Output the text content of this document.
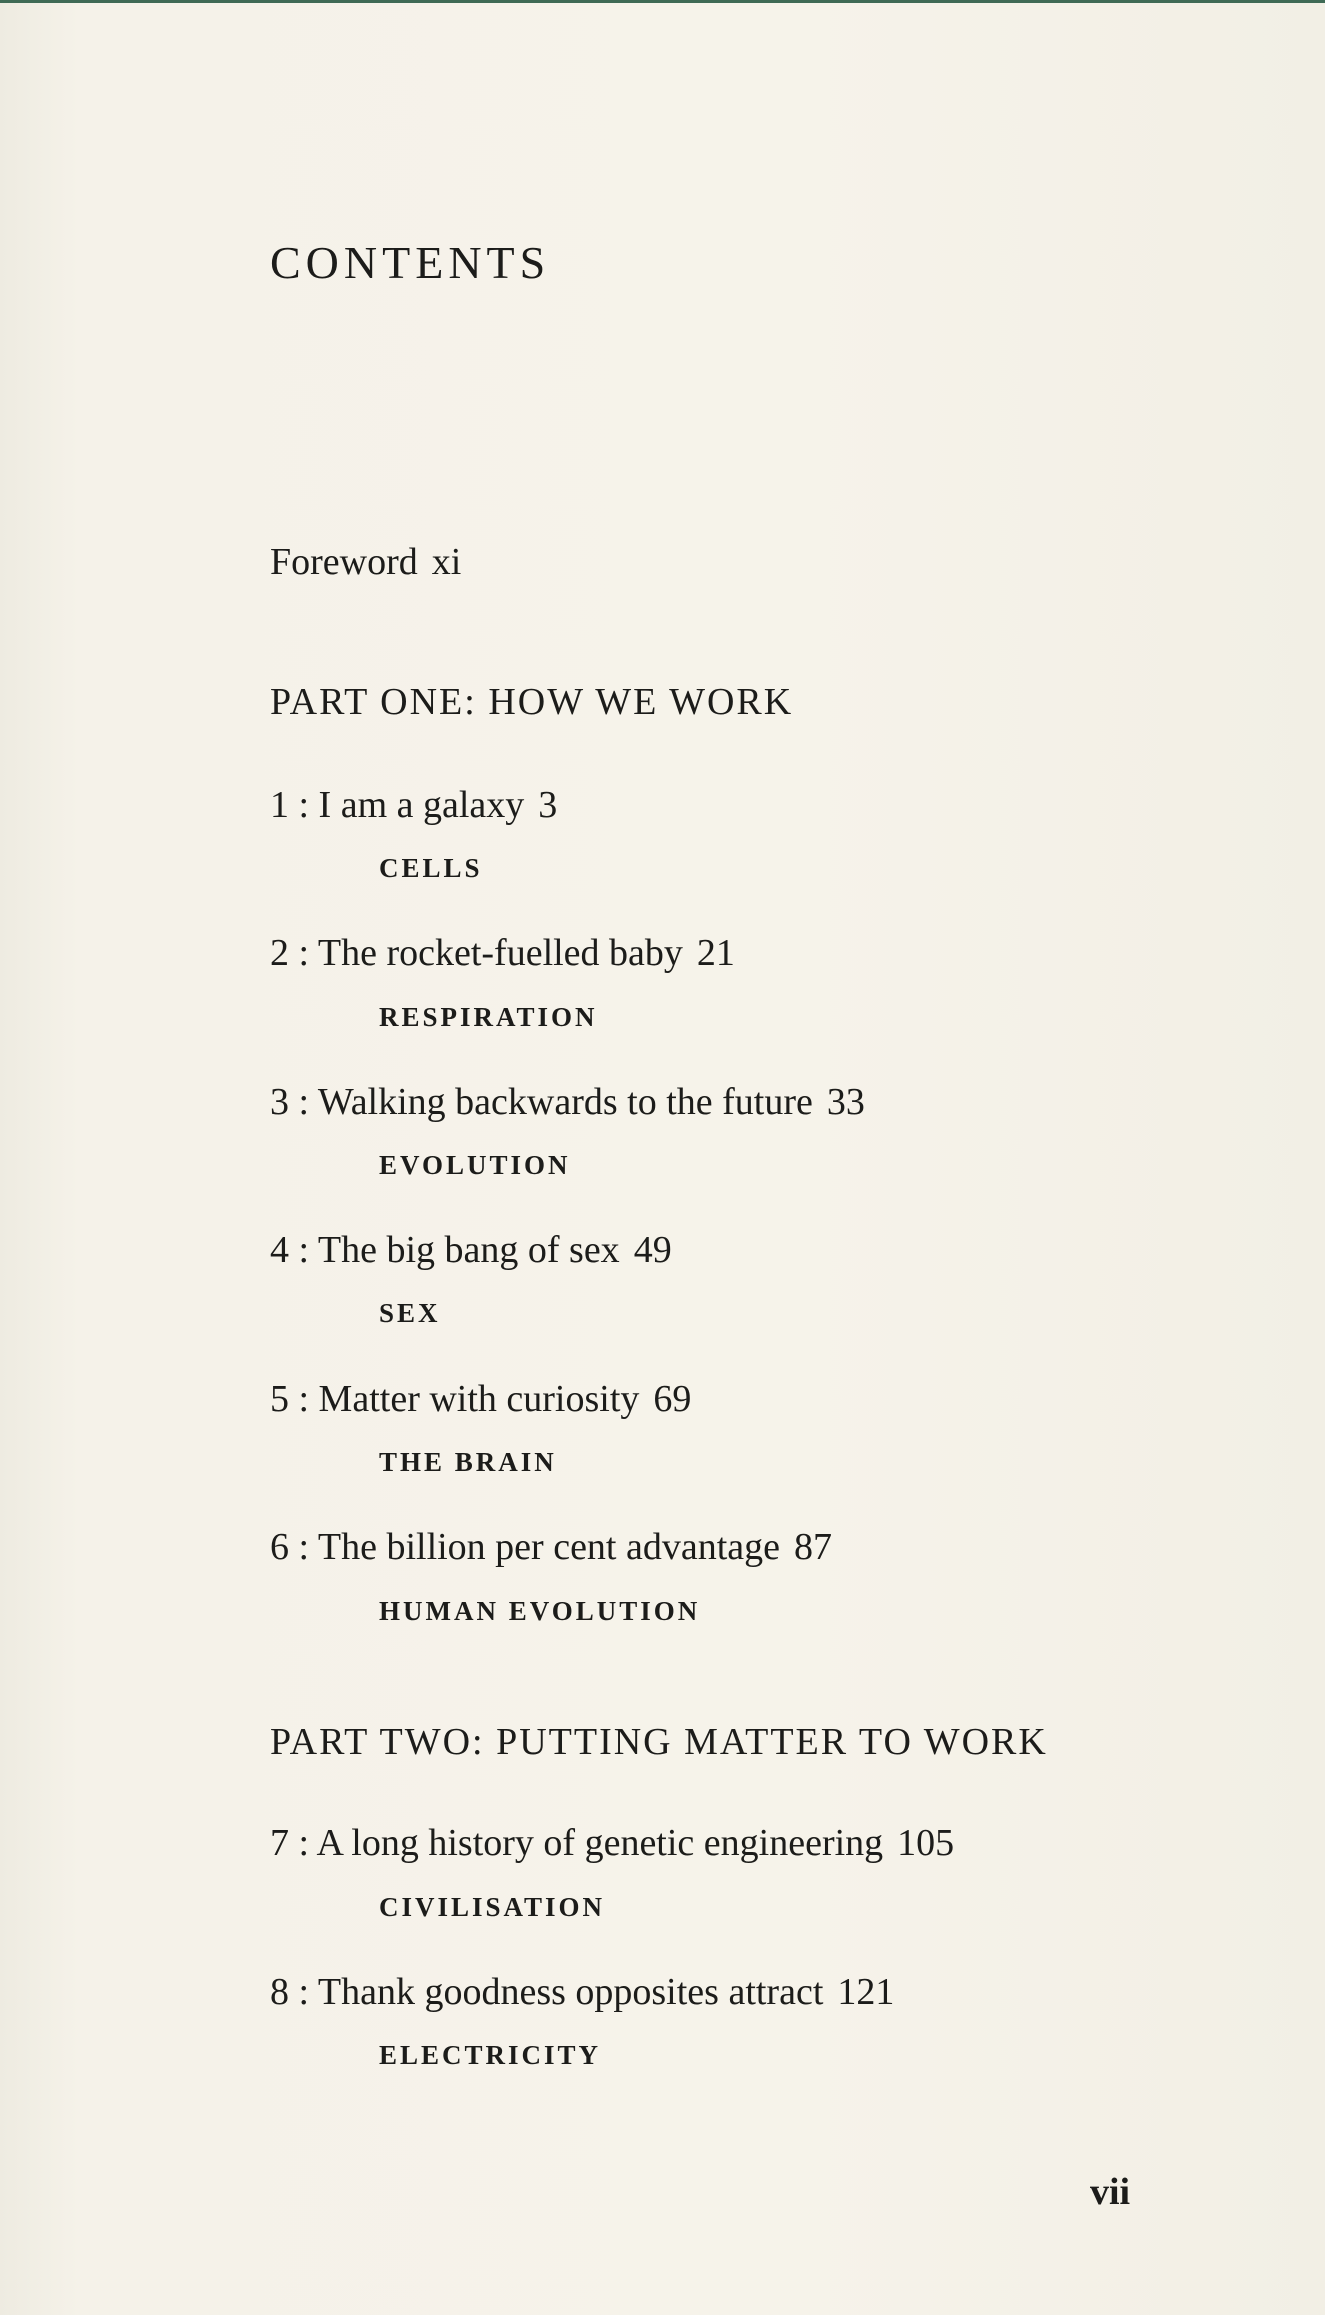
CONTENTS
Foreword xi
PART ONE: HOW WE WORK
1 : I am a galaxy 3
CELLS
2 : The rocket-fuelled baby 21
RESPIRATION
3 : Walking backwards to the future 33
EVOLUTION
4 : The big bang of sex 49
SEX
5 : Matter with curiosity 69
THE BRAIN
6 : The billion per cent advantage 87
HUMAN EVOLUTION
PART TWO: PUTTING MATTER TO WORK
7 : A long history of genetic engineering 105
CIVILISATION
8 : Thank goodness opposites attract 121
ELECTRICITY
vii
